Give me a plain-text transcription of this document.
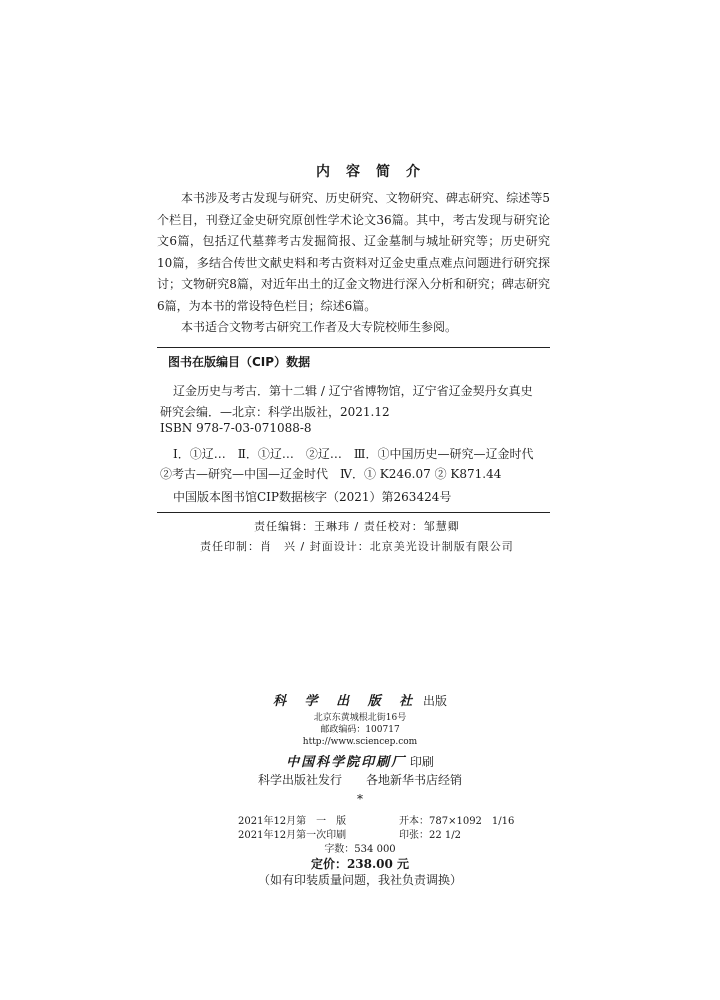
内容简介

本书涉及考古发现与研究、历史研究、文物研究、碑志研究、综述等5个栏目，刊登辽金史研究原创性学术论文36篇。其中，考古发现与研究论文6篇，包括辽代墓葬考古发掘简报、辽金墓制与城址研究等；历史研究10篇，多结合传世文献史料和考古资料对辽金史重点难点问题进行研究探讨；文物研究8篇，对近年出土的辽金文物进行深入分析和研究；碑志研究6篇，为本书的常设特色栏目；综述6篇。

本书适合文物考古研究工作者及大专院校师生参阅。

图书在版编目（CIP）数据
辽金历史与考古．第十二辑 / 辽宁省博物馆，辽宁省辽金契丹女真史
研究会编．—北京：科学出版社，2021.12
ISBN 978-7-03-071088-8
Ⅰ．①辽…　Ⅱ．①辽…　②辽…　Ⅲ．①中国历史—研究—辽金时代
②考古—研究—中国—辽金时代　Ⅳ．① K246.07 ② K871.44
中国版本图书馆CIP数据核字（2021）第263424号
责任编辑：王琳玮 / 责任校对：邹慧卿
责任印制：肖　兴 / 封面设计：北京美光设计制版有限公司
科 学 出 版 社 出版
北京东黄城根北街16号
邮政编码：100717
http://www.sciencep.com
中国科学院印刷厂 印刷
科学出版社发行　　各地新华书店经销
*
2021年12月第　一　版	开本：787×1092　1/16
2021年12月第一次印刷	印张：22 1/2
字数：534 000
定价：238.00 元
（如有印装质量问题，我社负责调换）
